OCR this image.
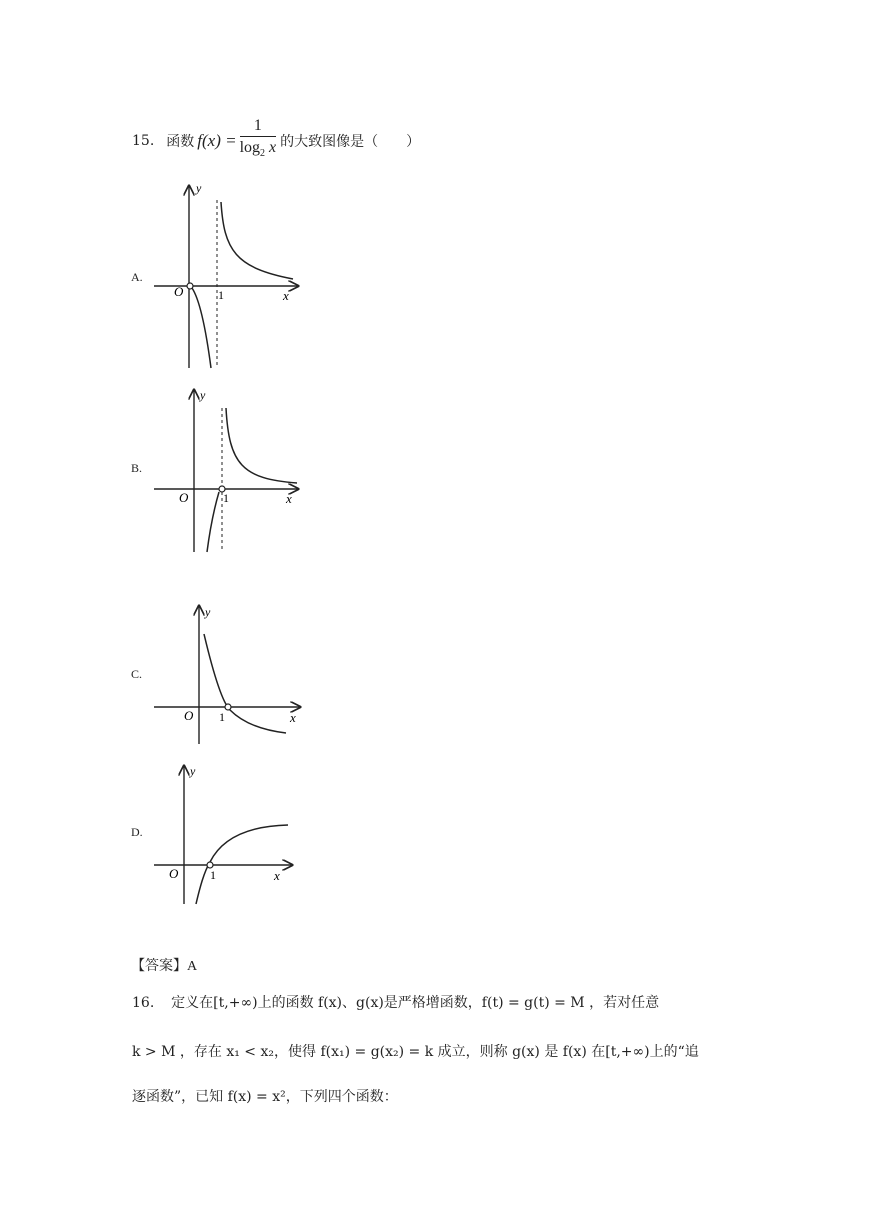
15. 函数 $f(x) = \frac{1}{\log_2 x}$ 的大致图像是（　　）
A.
O	1	x
y
B.
O	1	x
y
C.
O 1	x
y
D.
O	1	x
y
【答案】A
16. 定义在[t,+∞)上的函数 f(x)、g(x)是严格增函数，f(t) = g(t) = M ，若对任意
k > M ，存在 x₁ < x₂，使得 f(x₁) = g(x₂) = k 成立，则称 g(x) 是 f(x) 在[t,+∞)上的“追
逐函数”，已知 f(x) = x²，下列四个函数：
